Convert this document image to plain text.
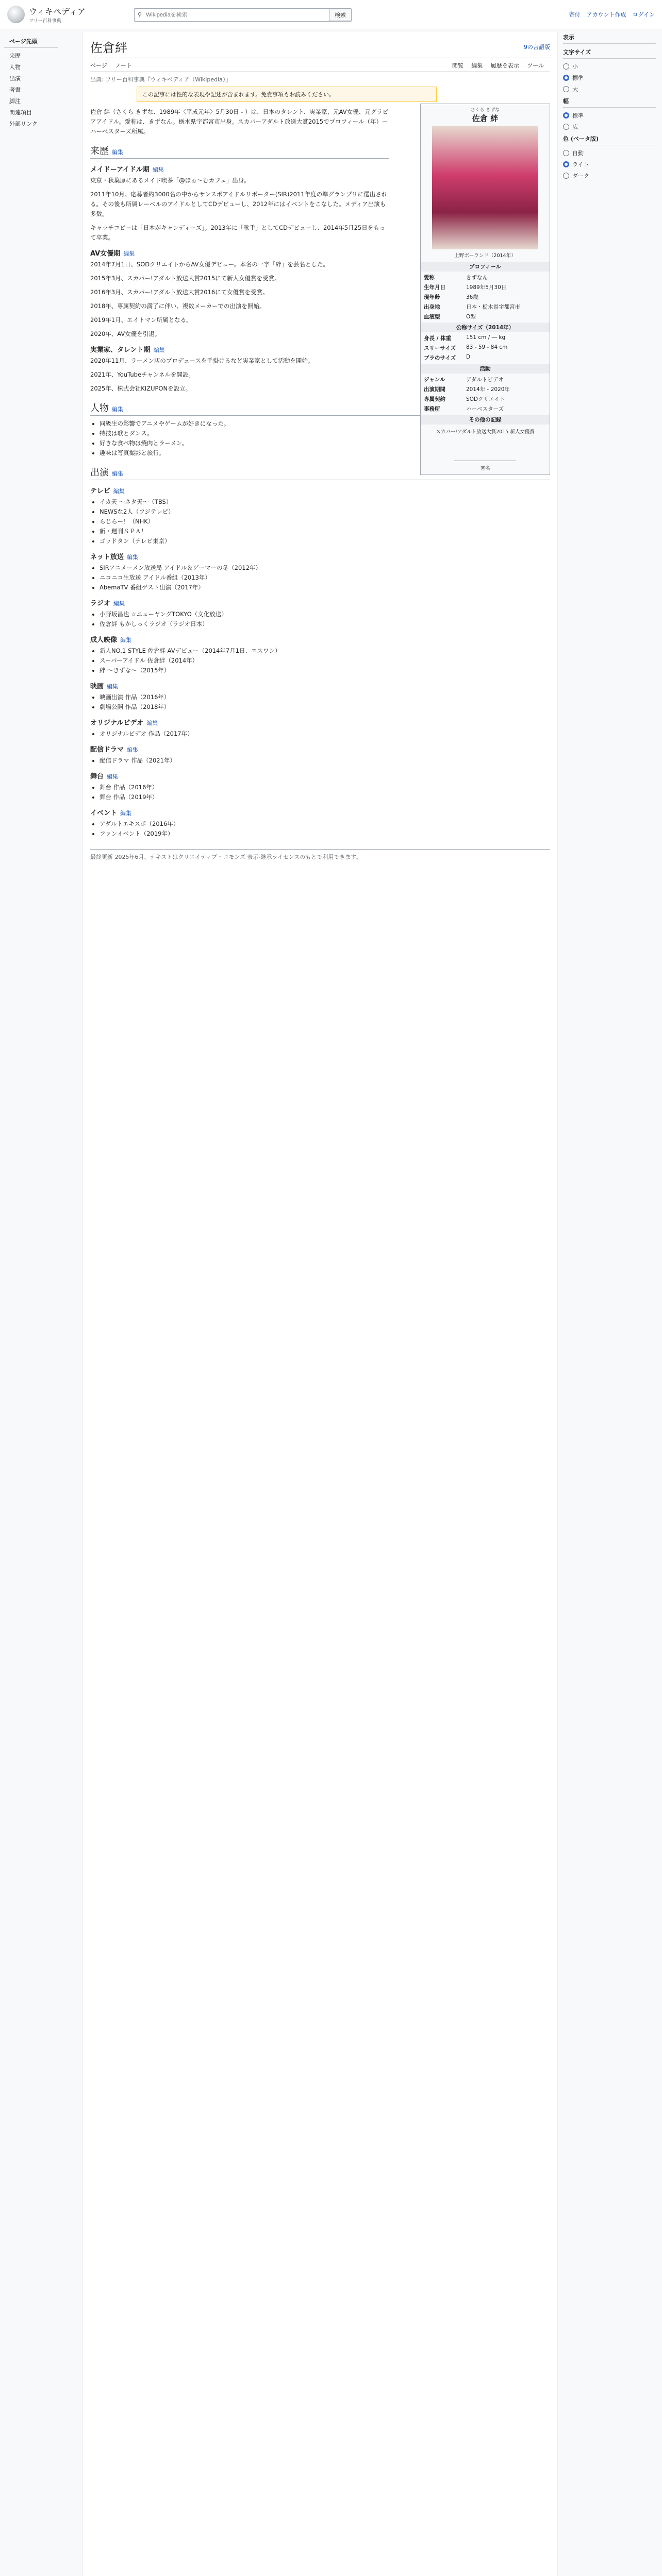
ウィキペディア
フリー百科事典
⚲
Wikipediaを検索	検索	寄付 アカウント作成 ログイン
ページ先頭
来歴
人物
出演
著書
脚注
関連項目
外部リンク
佐倉絆	9の言語版
ページ ノート	閲覧 編集 履歴を表示 ツール
出典: フリー百科事典『ウィキペディア（Wikipedia）』
この記事には性的な表現や記述が含まれます。免責事項もお読みください。

佐倉 絆（さくら きずな、1989年〈平成元年〉5月30日 - ）は、日本のタレント、実業家、元AV女優、元グラビアアイドル。愛称は、きずなん。栃木県宇都宮市出身。スカパーアダルト放送大賞2015でプロフィール（年）ーハーベスターズ所属。

来歴 編集
メイドーアイドル期 編集

東京・秋葉原にあるメイド喫茶「@ほぉ～むカフェ」出身。

2011年10月、応募者約3000名の中からサンスポアイドルリポーター(SIR)2011年度の準グランプリに選出される。その後も所属レーベルのアイドルとしてCDデビューし、2012年にはイベントをこなした。メディア出演も多数。

キャッチコピーは「日本がキャンディーズ」。2013年に「歌手」としてCDデビューし、2014年5月25日をもって卒業。

AV女優期 編集

2014年7月1日、SODクリエイトからAV女優デビュー。本名の一字「絆」を芸名とした。

2015年3月、スカパー!アダルト放送大賞2015にて新人女優賞を受賞。

2016年3月、スカパー!アダルト放送大賞2016にて女優賞を受賞。

2018年、専属契約の満了に伴い、複数メーカーでの出演を開始。

2019年1月、エイトマン所属となる。

2020年、AV女優を引退。

実業家、タレント期 編集

2020年11月、ラーメン店のプロデュースを手掛けるなど実業家として活動を開始。

2021年、YouTubeチャンネルを開設。

2025年、株式会社KIZUPONを設立。

人物 編集
• 同級生の影響でアニメやゲームが好きになった。
• 特技は歌とダンス。
• 好きな食べ物は焼肉とラーメン。
• 趣味は写真撮影と旅行。
出演 編集
テレビ 編集
• イカ天 ～ネタ天～（TBS）
• NEWSな2人（フジテレビ）
• らじらー！（NHK）
• 新・週刊ＳＰＡ！
• ゴッドタン（テレビ東京）
ネット放送 編集
• SIRアニメーメン放送局 アイドル＆ゲーマーの冬（2012年）
• ニコニコ生放送 アイドル番組（2013年）
• AbemaTV 番組ゲスト出演（2017年）
ラジオ 編集
• 小野坂昌也 ☆ニューヤングTOKYO（文化放送）
• 佐倉絆 もかしっくラジオ（ラジオ日本）
成人映像 編集
• 新人NO.1 STYLE 佐倉絆 AVデビュー（2014年7月1日、エスワン）
• スーパーアイドル 佐倉絆（2014年）
• 絆 ～きずな～（2015年）
映画 編集
• 映画出演 作品（2016年）
• 劇場公開 作品（2018年）
オリジナルビデオ 編集
• オリジナルビデオ 作品（2017年）
配信ドラマ 編集
• 配信ドラマ 作品（2021年）
舞台 編集
• 舞台 作品（2016年）
• 舞台 作品（2019年）
イベント 編集
• アダルトエキスポ（2016年）
• ファンイベント（2019年）
最終更新 2025年6月、テキストはクリエイティブ・コモンズ 表示-継承ライセンスのもとで利用できます。
さくら きずな
佐倉 絆
上野ポーランド（2014年）
プロフィール
愛称	きずなん
生年月日	1989年5月30日
現年齢	36歳
出身地	日本・栃木県宇都宮市
血液型	O型
公称サイズ（2014年）
身長 / 体重	151 cm / ― kg
スリーサイズ	83 - 59 - 84 cm
ブラのサイズ	D
活動
ジャンル	アダルトビデオ
出演期間	2014年 - 2020年
専属契約	SODクリエイト
事務所	ハーベスターズ
その他の記録
スカパー!アダルト放送大賞2015 新人女優賞
署名
表示
文字サイズ
小
標準
大
幅
標準
広
色 (ベータ版)
自動
ライト
ダーク
